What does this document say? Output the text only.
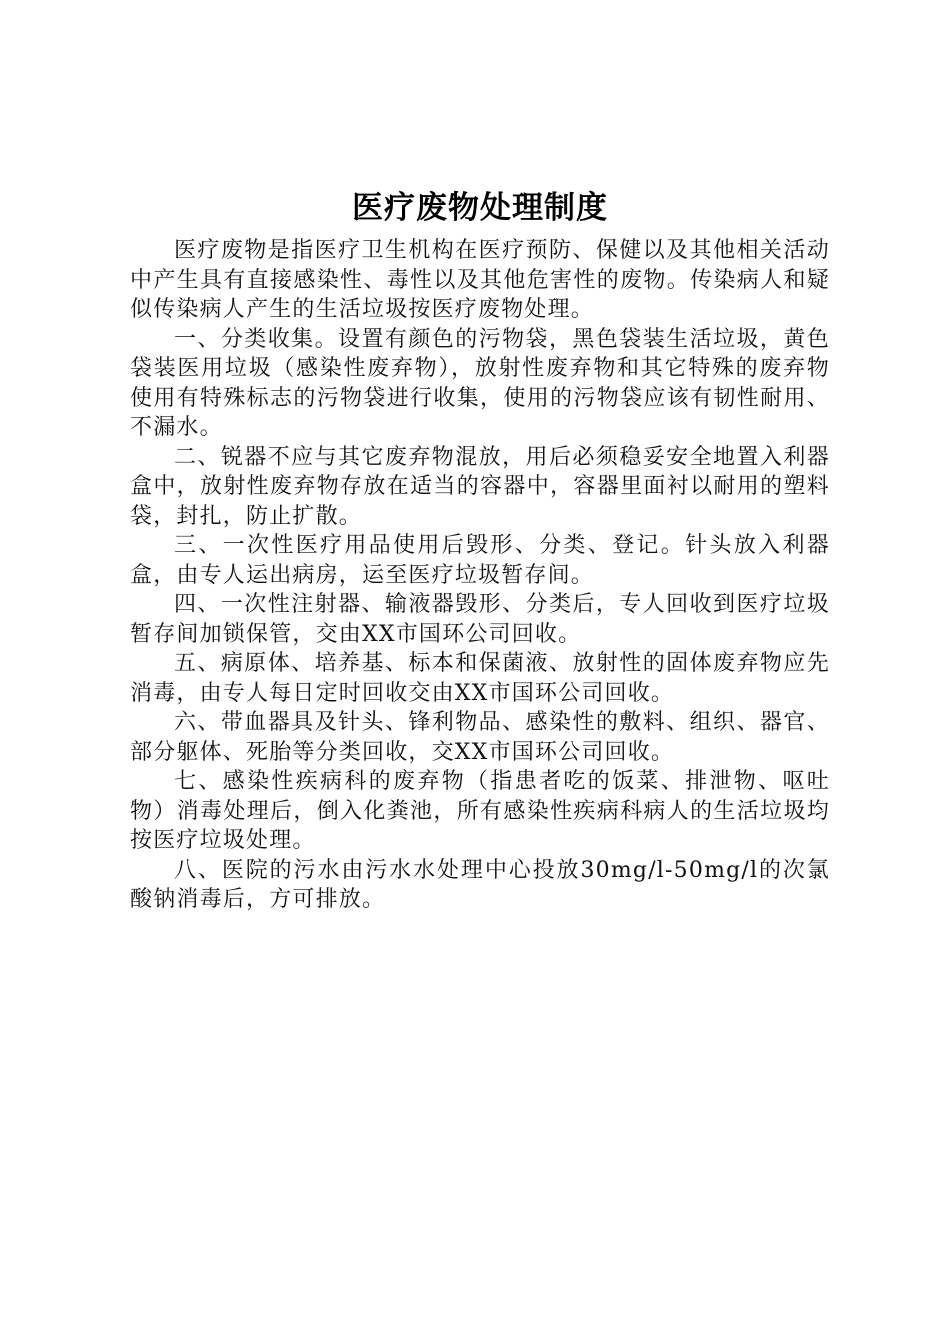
医疗废物处理制度

医疗废物是指医疗卫生机构在医疗预防、保健以及其他相关活动中产生具有直接感染性、毒性以及其他危害性的废物。传染病人和疑似传染病人产生的生活垃圾按医疗废物处理。

一、分类收集。设置有颜色的污物袋，黑色袋装生活垃圾，黄色袋装医用垃圾（感染性废弃物），放射性废弃物和其它特殊的废弃物使用有特殊标志的污物袋进行收集，使用的污物袋应该有韧性耐用、不漏水。

二、锐器不应与其它废弃物混放，用后必须稳妥安全地置入利器盒中，放射性废弃物存放在适当的容器中，容器里面衬以耐用的塑料袋，封扎，防止扩散。

三、一次性医疗用品使用后毁形、分类、登记。针头放入利器盒，由专人运出病房，运至医疗垃圾暂存间。

四、一次性注射器、输液器毁形、分类后，专人回收到医疗垃圾暂存间加锁保管，交由XX市国环公司回收。

五、病原体、培养基、标本和保菌液、放射性的固体废弃物应先消毒，由专人每日定时回收交由XX市国环公司回收。

六、带血器具及针头、锋利物品、感染性的敷料、组织、器官、部分躯体、死胎等分类回收，交XX市国环公司回收。

七、感染性疾病科的废弃物（指患者吃的饭菜、排泄物、呕吐物）消毒处理后，倒入化粪池，所有感染性疾病科病人的生活垃圾均按医疗垃圾处理。

八、医院的污水由污水水处理中心投放30mg/l-50mg/l的次氯酸钠消毒后，方可排放。
